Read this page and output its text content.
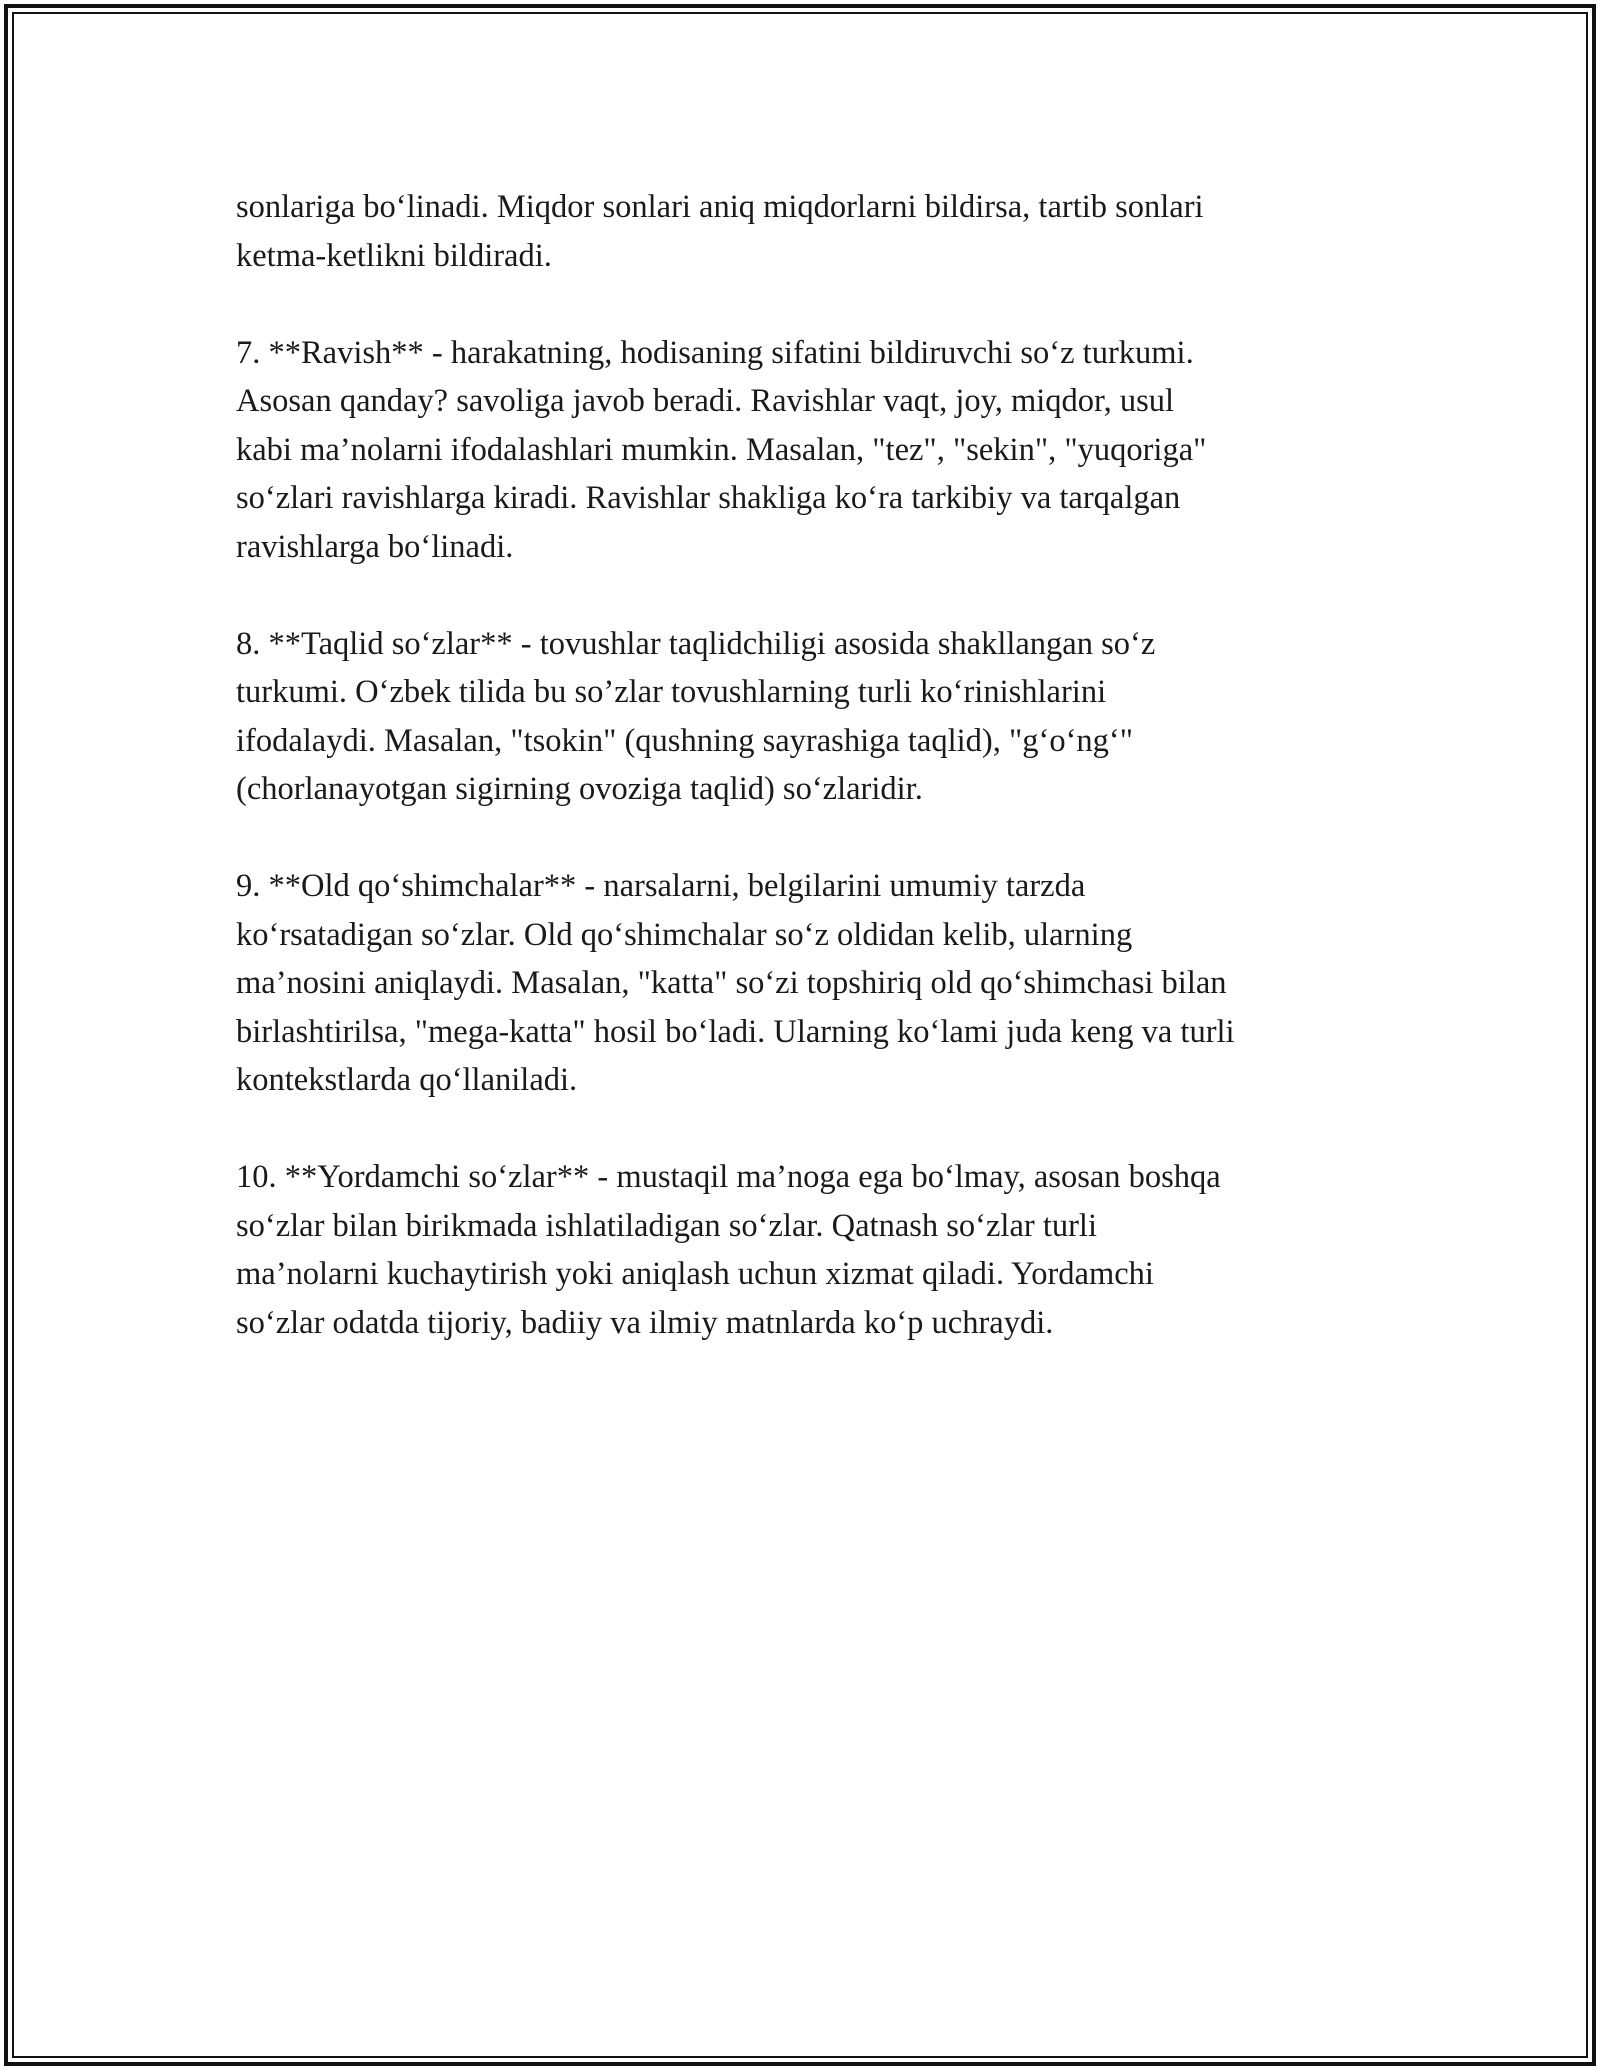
sonlariga bo‘linadi. Miqdor sonlari aniq miqdorlarni bildirsa, tartib sonlari
ketma-ketlikni bildiradi.

7. **Ravish** - harakatning, hodisaning sifatini bildiruvchi so‘z turkumi.
Asosan qanday? savoliga javob beradi. Ravishlar vaqt, joy, miqdor, usul
kabi ma’nolarni ifodalashlari mumkin. Masalan, "tez", "sekin", "yuqoriga"
so‘zlari ravishlarga kiradi. Ravishlar shakliga ko‘ra tarkibiy va tarqalgan
ravishlarga bo‘linadi.

8. **Taqlid so‘zlar** - tovushlar taqlidchiligi asosida shakllangan so‘z
turkumi. O‘zbek tilida bu so’zlar tovushlarning turli ko‘rinishlarini
ifodalaydi. Masalan, "tsokin" (qushning sayrashiga taqlid), "g‘o‘ng‘"
(chorlanayotgan sigirning ovoziga taqlid) so‘zlaridir.

9. **Old qo‘shimchalar** - narsalarni, belgilarini umumiy tarzda
ko‘rsatadigan so‘zlar. Old qo‘shimchalar so‘z oldidan kelib, ularning
ma’nosini aniqlaydi. Masalan, "katta" so‘zi topshiriq old qo‘shimchasi bilan
birlashtirilsa, "mega-katta" hosil bo‘ladi. Ularning ko‘lami juda keng va turli
kontekstlarda qo‘llaniladi.

10. **Yordamchi so‘zlar** - mustaqil ma’noga ega bo‘lmay, asosan boshqa
so‘zlar bilan birikmada ishlatiladigan so‘zlar. Qatnash so‘zlar turli
ma’nolarni kuchaytirish yoki aniqlash uchun xizmat qiladi. Yordamchi
so‘zlar odatda tijoriy, badiiy va ilmiy matnlarda ko‘p uchraydi.
